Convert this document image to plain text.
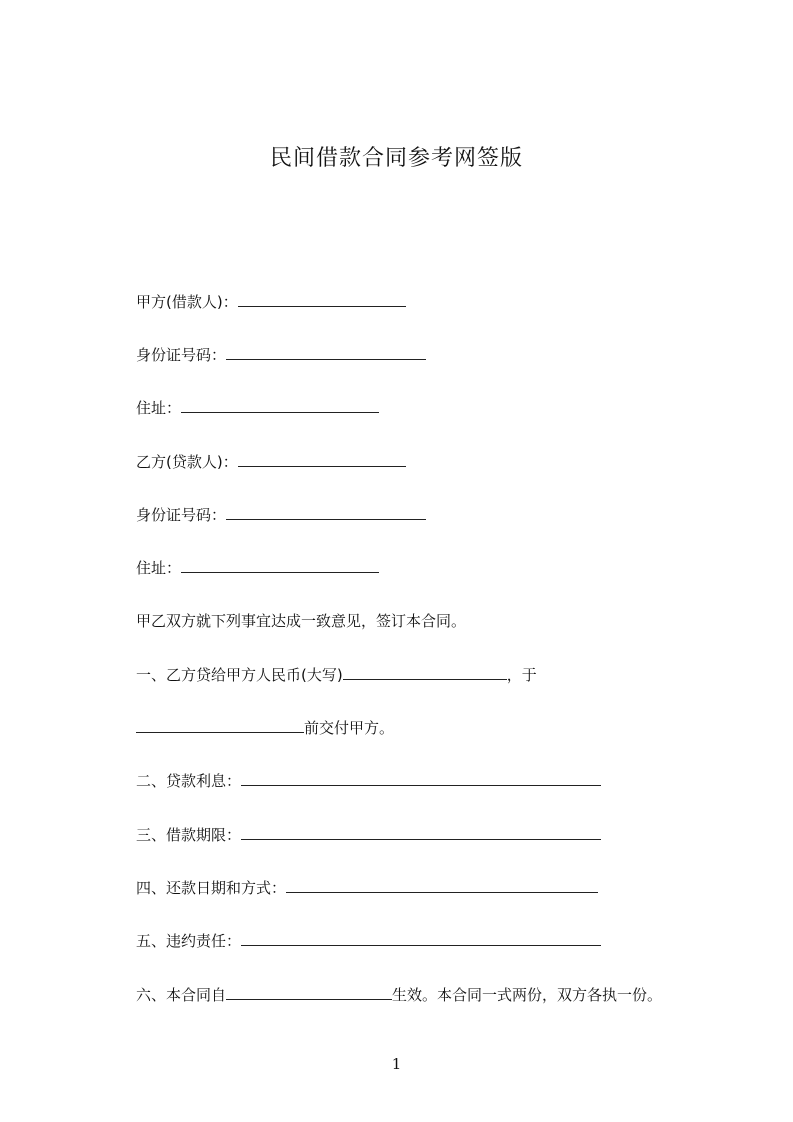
民间借款合同参考网签版
甲方(借款人)：
身份证号码：
住址：
乙方(贷款人)：
身份证号码：
住址：
甲乙双方就下列事宜达成一致意见，签订本合同。
一、乙方贷给甲方人民币(大写)	，于
前交付甲方。
二、贷款利息：
三、借款期限：
四、还款日期和方式：
五、违约责任：
六、本合同自	生效。本合同一式两份，双方各执一份。
1
